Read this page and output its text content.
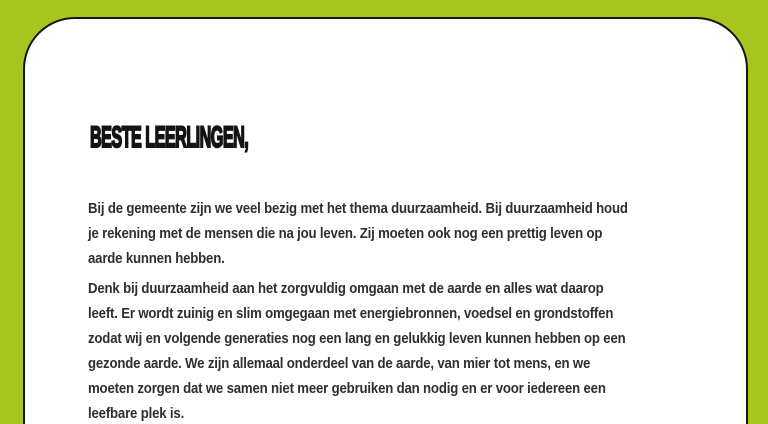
BESTE LEERLINGEN,
Bij de gemeente zijn we veel bezig met het thema duurzaamheid. Bij duurzaamheid houd
je rekening met de mensen die na jou leven. Zij moeten ook nog een prettig leven op
aarde kunnen hebben.
Denk bij duurzaamheid aan het zorgvuldig omgaan met de aarde en alles wat daarop
leeft. Er wordt zuinig en slim omgegaan met energiebronnen, voedsel en grondstoffen
zodat wij en volgende generaties nog een lang en gelukkig leven kunnen hebben op een
gezonde aarde. We zijn allemaal onderdeel van de aarde, van mier tot mens, en we
moeten zorgen dat we samen niet meer gebruiken dan nodig en er voor iedereen een
leefbare plek is.
